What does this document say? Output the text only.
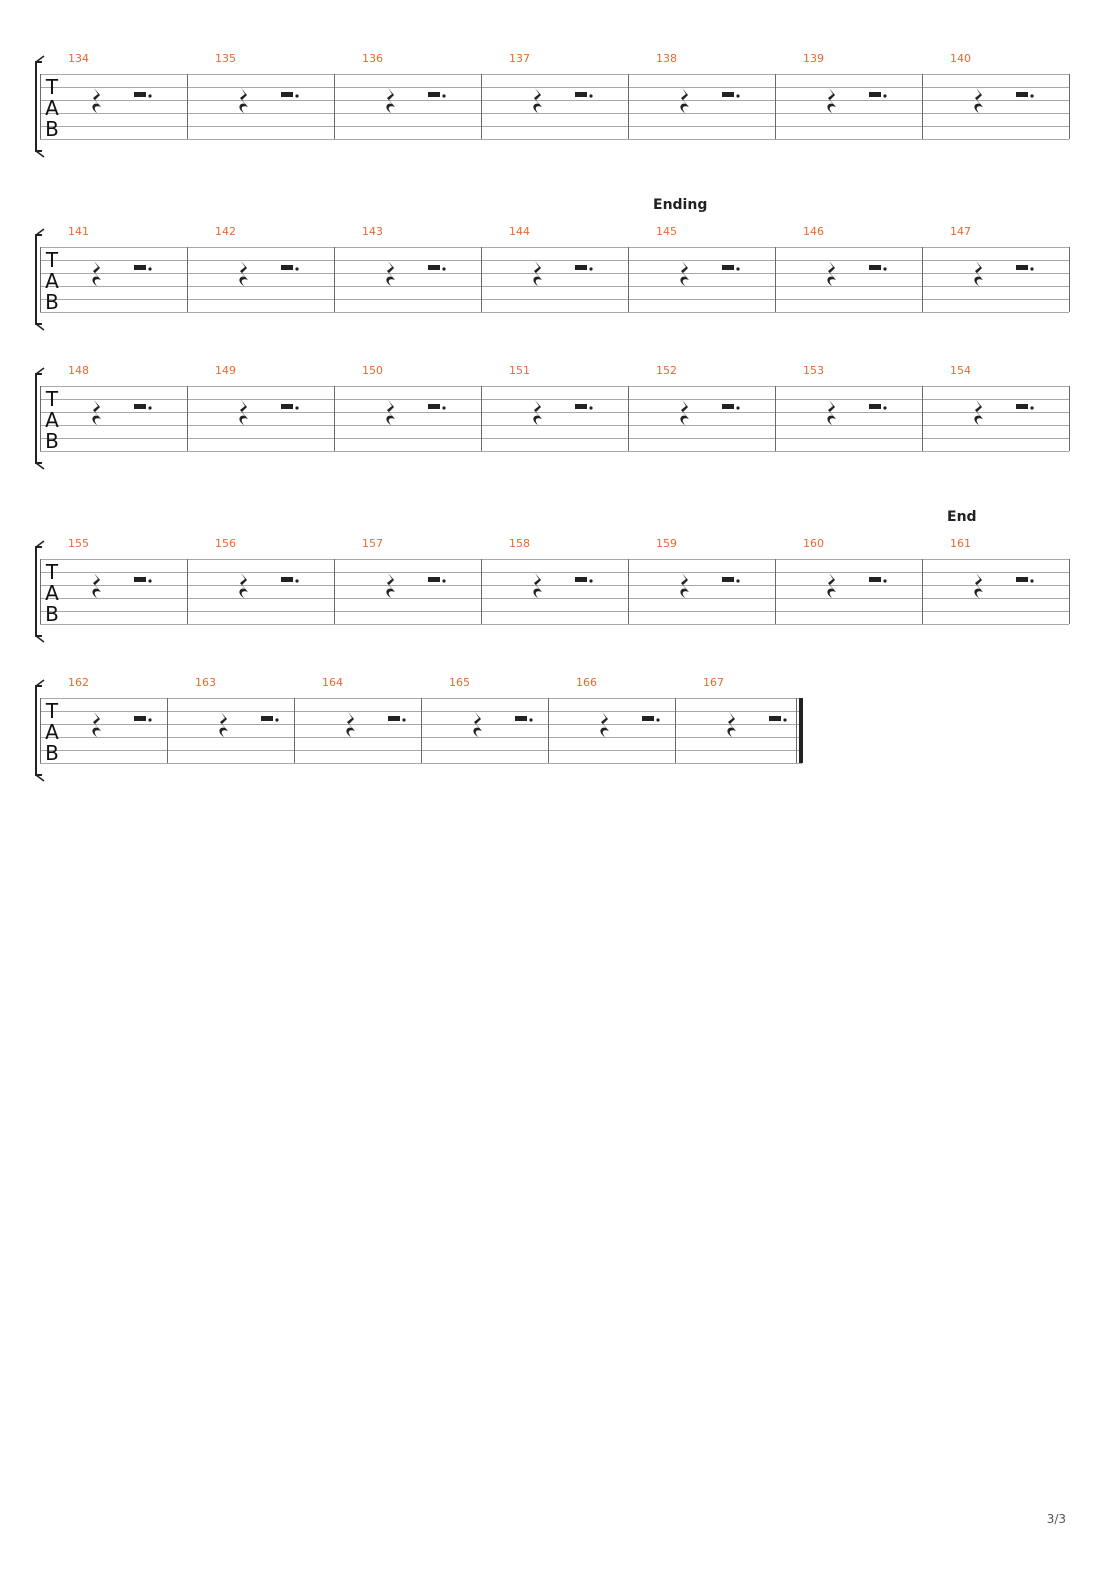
T
A
B
134	135	136	137	138	139	140
T
A
B
141	142	143	144	145	146	147
Ending
T
A
B
148	149	150	151	152	153	154
T
A
B
155	156	157	158	159	160	161
End
T
A
B
162	163	164	165	166	167
3/3
